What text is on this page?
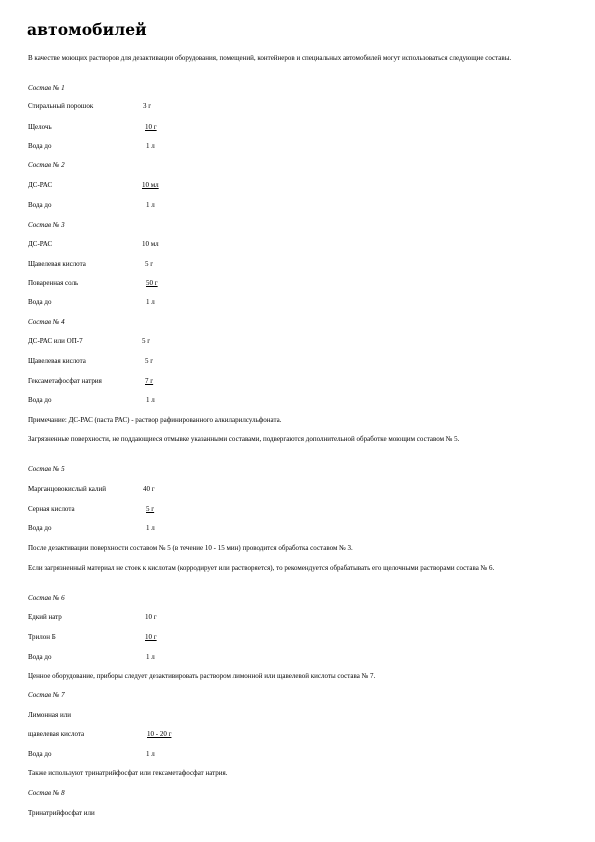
автомобилей
В качестве моющих растворов для дезактивации оборудования, помещений, контейнеров и специальных автомобилей могут использоваться следующие составы.
Состав № 1
Стиральный порошок	3 г
Щелочь	10 г
Вода до	1 л
Состав № 2
ДС-РАС	10 мл
Вода до	1 л
Состав № 3
ДС-РАС	10 мл
Щавелевая кислота	5 г
Поваренная соль	50 г
Вода до	1 л
Состав № 4
ДС-РАС или ОП-7	5 г
Щавелевая кислота	5 г
Гексаметафосфат натрия	7 г
Вода до	1 л
Примечание: ДС-РАС (паста РАС) - раствор рафинированного алкиларилсульфоната.
Загрязненные поверхности, не поддающиеся отмывке указанными составами, подвергаются дополнительной обработке моющим составом № 5.
Состав № 5
Марганцовокислый калий	40 г
Серная кислота	5 г
Вода до	1 л
После дезактивации поверхности составом № 5 (в течение 10 - 15 мин) проводится обработка составом № 3.
Если загрязненный материал не стоек к кислотам (корродирует или растворяется), то рекомендуется обрабатывать его щелочными растворами состава № 6.
Состав № 6
Едкий натр	10 г
Трилон Б	10 г
Вода до	1 л
Ценное оборудование, приборы следует дезактивировать раствором лимонной или щавелевой кислоты состава № 7.
Состав № 7
Лимонная или
щавелевая кислота	10 - 20 г
Вода до	1 л
Также используют тринатрийфосфат или гексаметафосфат натрия.
Состав № 8
Тринатрийфосфат или
